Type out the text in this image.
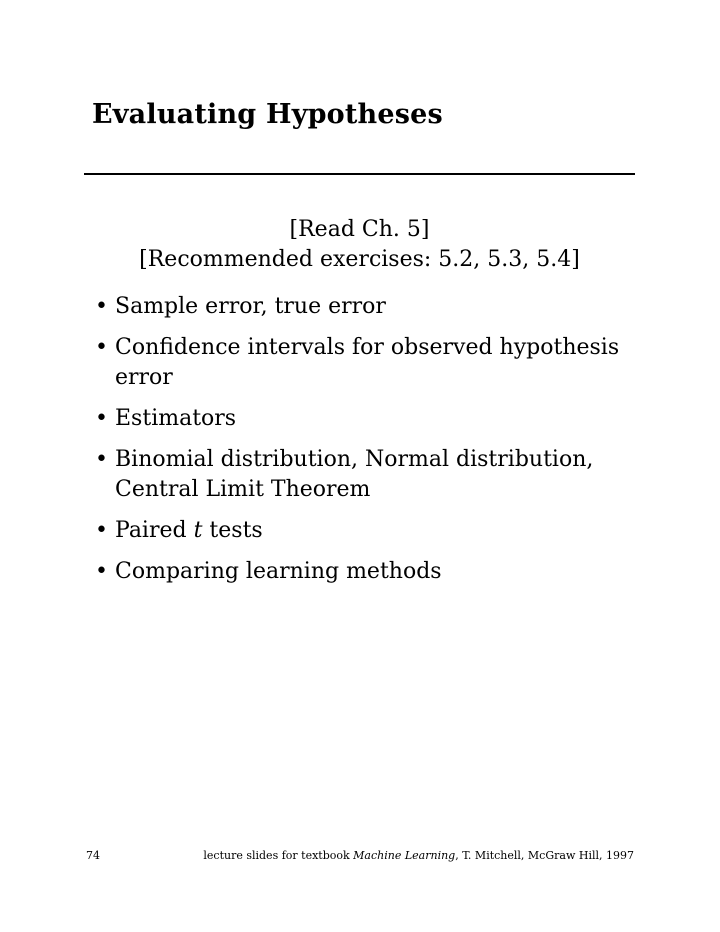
Evaluating Hypotheses
[Read Ch. 5]
[Recommended exercises: 5.2, 5.3, 5.4]
• Sample error, true error
• Confidence intervals for observed hypothesis
error
• Estimators
• Binomial distribution, Normal distribution,
Central Limit Theorem
• Paired t tests
• Comparing learning methods
74	lecture slides for textbook Machine Learning, T. Mitchell, McGraw Hill, 1997
